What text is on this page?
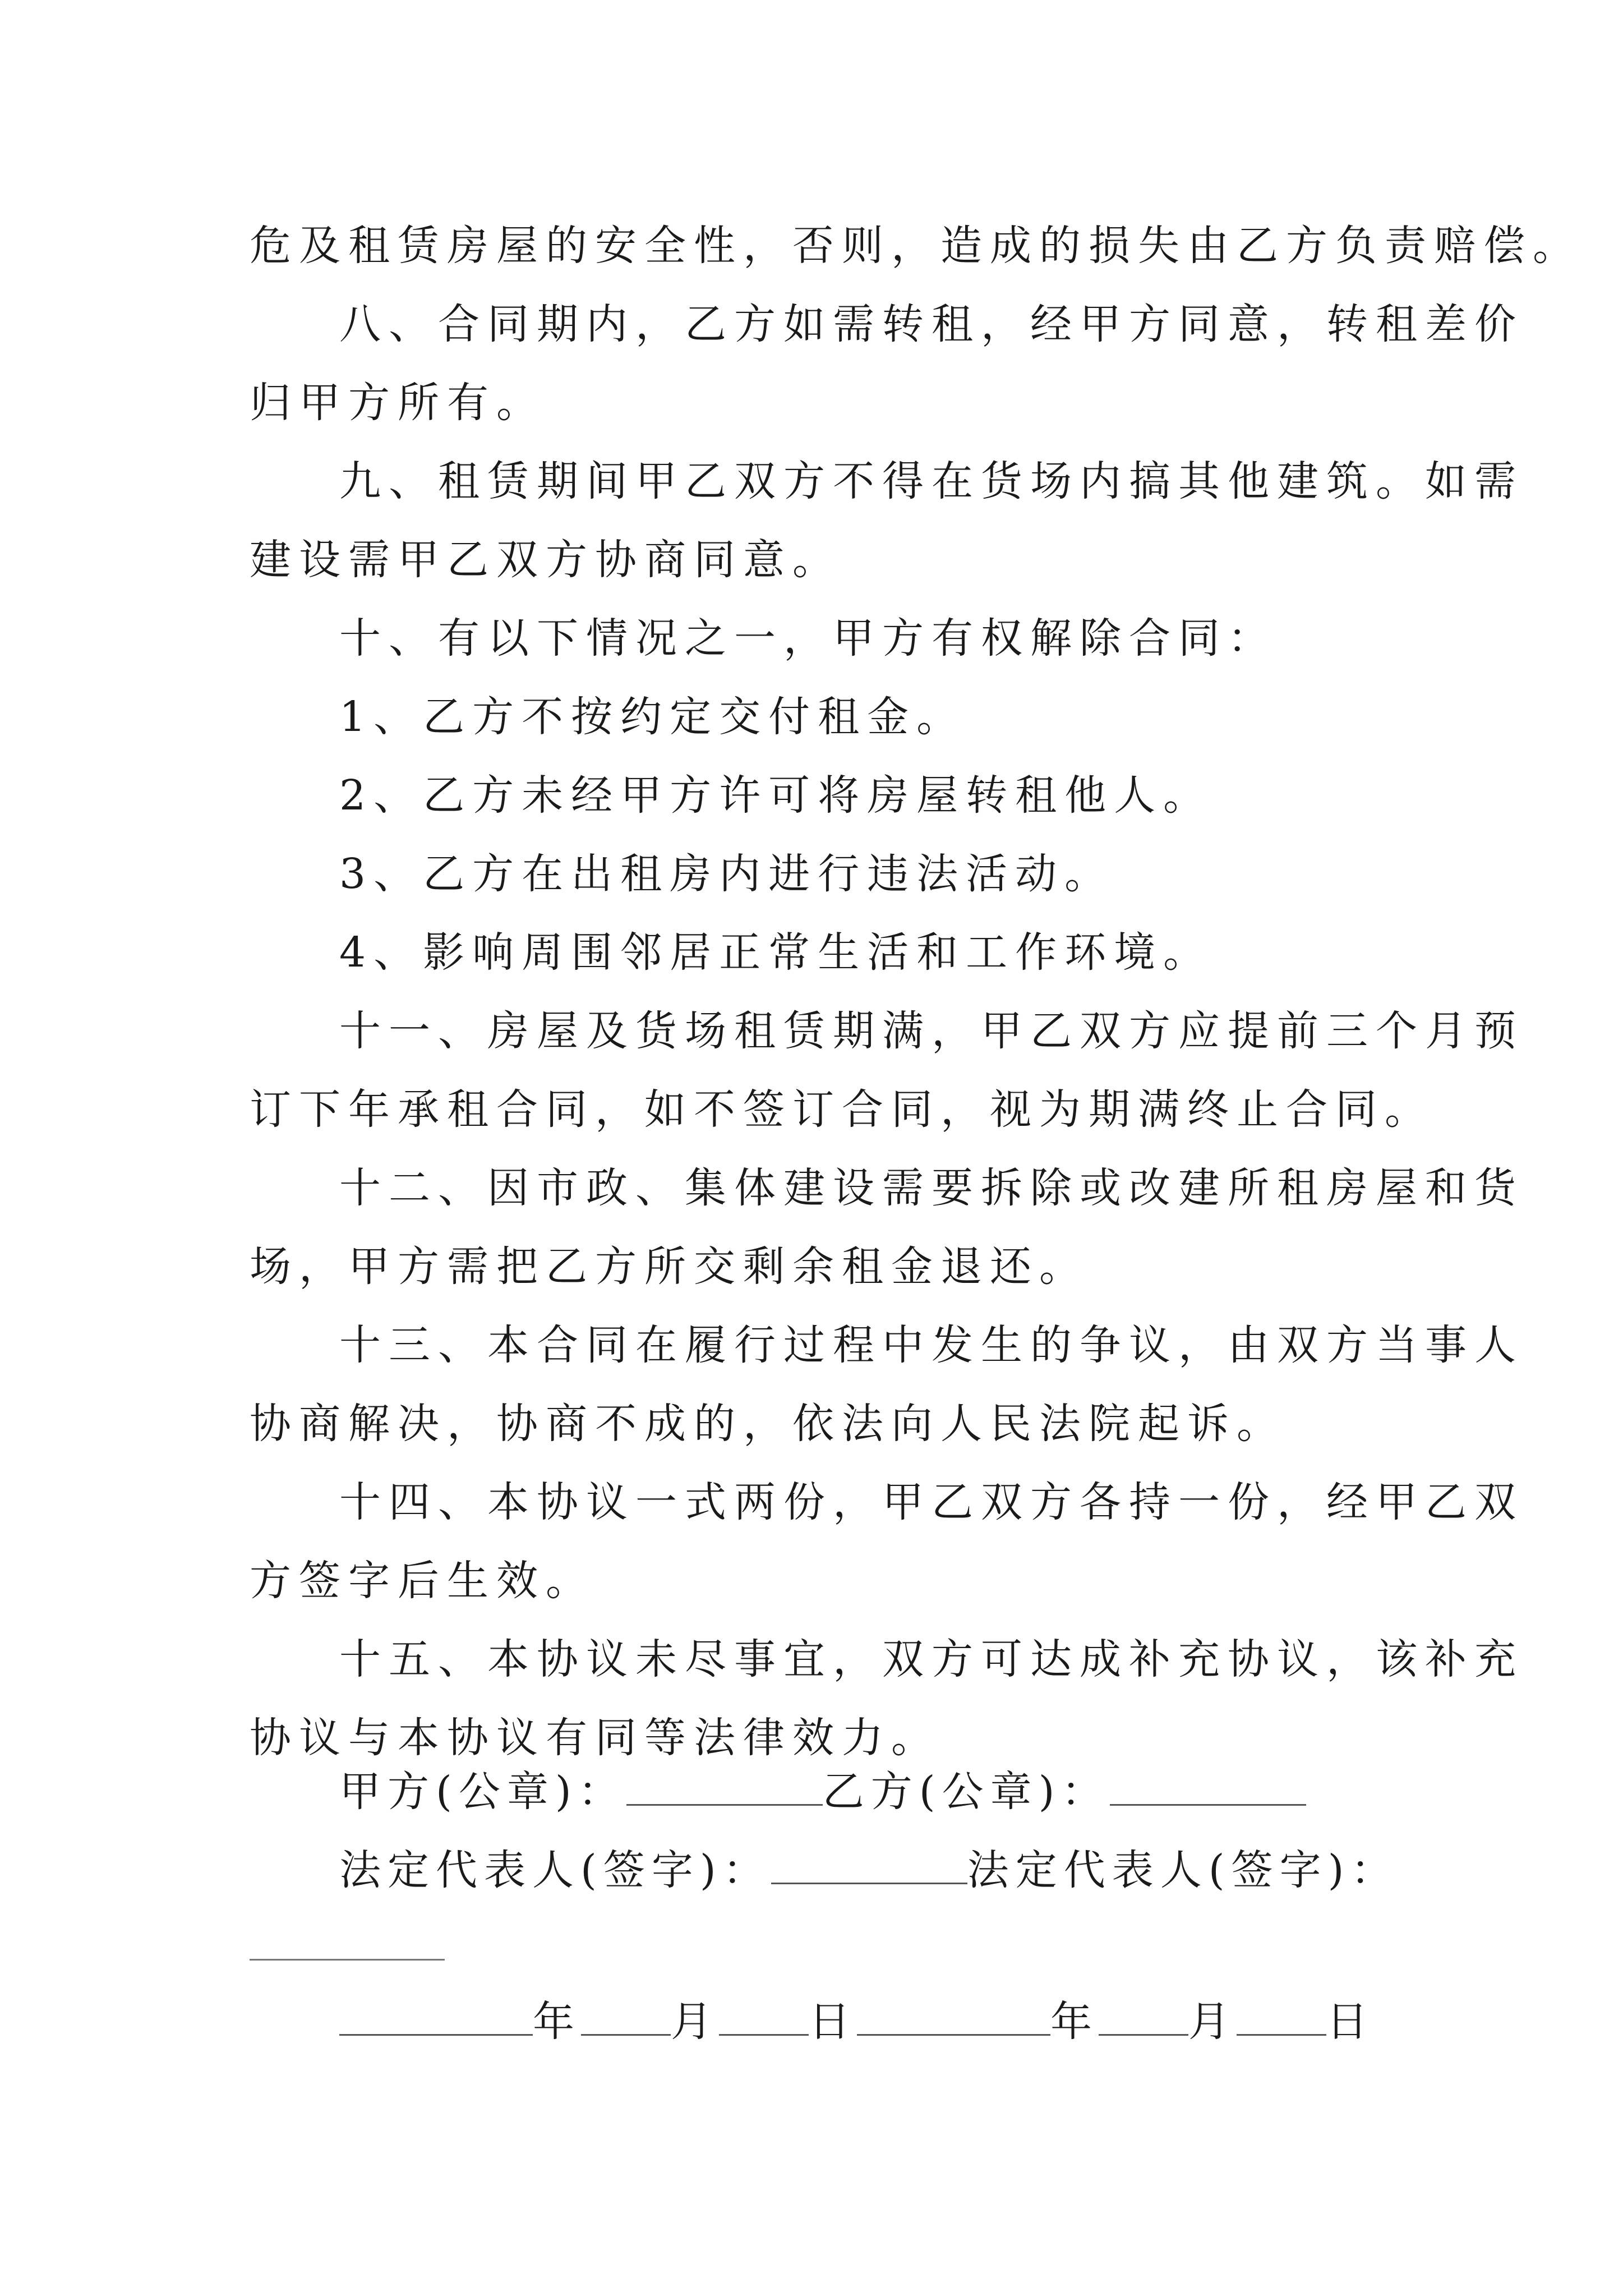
危及租赁房屋的安全性，否则，造成的损失由乙方负责赔偿。
八、合同期内，乙方如需转租，经甲方同意，转租差价
归甲方所有。
九、租赁期间甲乙双方不得在货场内搞其他建筑。如需
建设需甲乙双方协商同意。
十、有以下情况之一，甲方有权解除合同：
1、乙方不按约定交付租金。
2、乙方未经甲方许可将房屋转租他人。
3、乙方在出租房内进行违法活动。
4、影响周围邻居正常生活和工作环境。
十一、房屋及货场租赁期满，甲乙双方应提前三个月预
订下年承租合同，如不签订合同，视为期满终止合同。
十二、因市政、集体建设需要拆除或改建所租房屋和货
场，甲方需把乙方所交剩余租金退还。
十三、本合同在履行过程中发生的争议，由双方当事人
协商解决，协商不成的，依法向人民法院起诉。
十四、本协议一式两份，甲乙双方各持一份，经甲乙双
方签字后生效。
十五、本协议未尽事宜，双方可达成补充协议，该补充
协议与本协议有同等法律效力。
甲方(公章)：	乙方(公章)：
法定代表人(签字)：	法定代表人(签字)：
年 月 日	年 月 日
